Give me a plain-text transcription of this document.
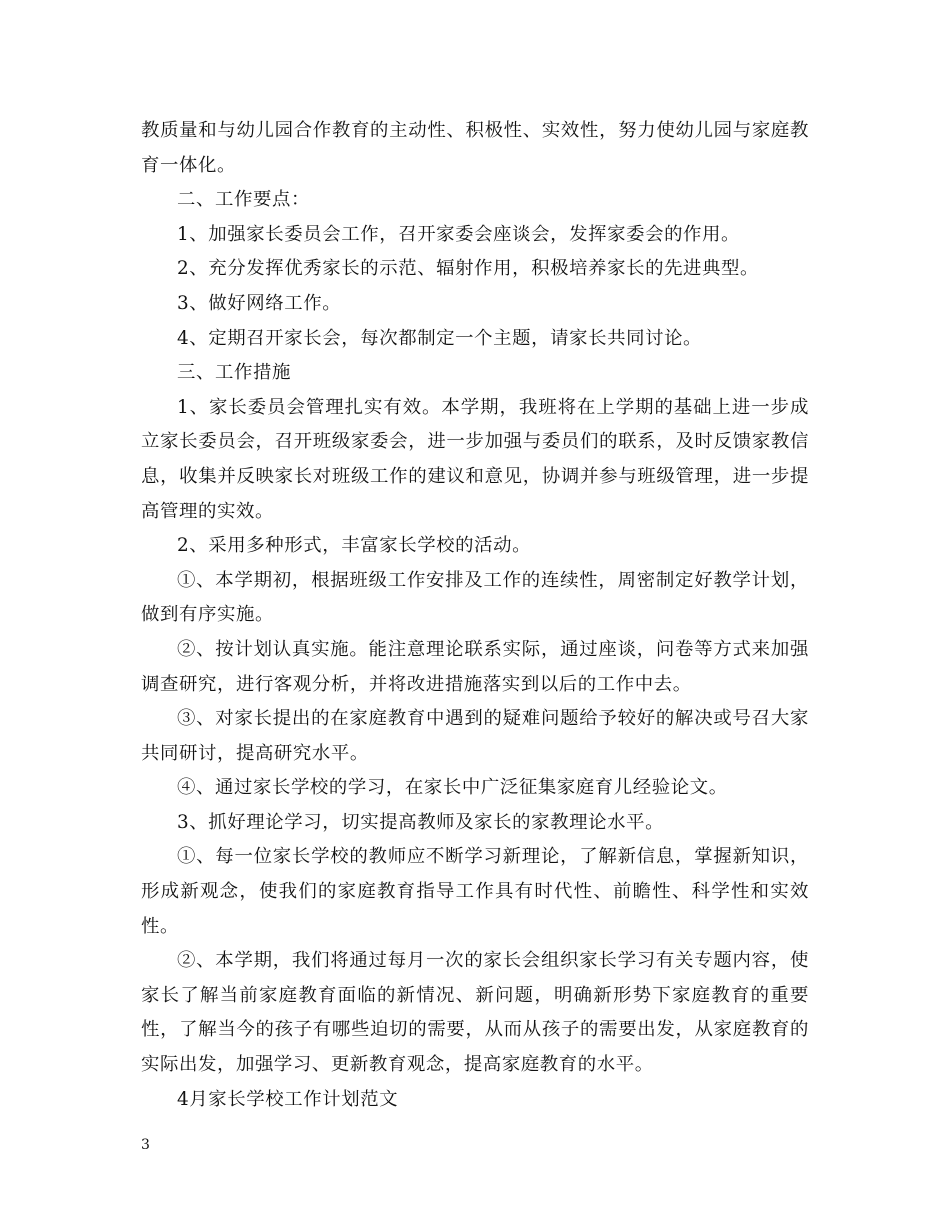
教质量和与幼儿园合作教育的主动性、积极性、实效性，努力使幼儿园与家庭教育一体化。

二、工作要点：

1、加强家长委员会工作，召开家委会座谈会，发挥家委会的作用。

2、充分发挥优秀家长的示范、辐射作用，积极培养家长的先进典型。

3、做好网络工作。

4、定期召开家长会，每次都制定一个主题，请家长共同讨论。

三、工作措施

1、家长委员会管理扎实有效。本学期，我班将在上学期的基础上进一步成立家长委员会，召开班级家委会，进一步加强与委员们的联系，及时反馈家教信息，收集并反映家长对班级工作的建议和意见，协调并参与班级管理，进一步提高管理的实效。

2、采用多种形式，丰富家长学校的活动。

①、本学期初，根据班级工作安排及工作的连续性，周密制定好教学计划，做到有序实施。

②、按计划认真实施。能注意理论联系实际，通过座谈，问卷等方式来加强调查研究，进行客观分析，并将改进措施落实到以后的工作中去。

③、对家长提出的在家庭教育中遇到的疑难问题给予较好的解决或号召大家共同研讨，提高研究水平。

④、通过家长学校的学习，在家长中广泛征集家庭育儿经验论文。

3、抓好理论学习，切实提高教师及家长的家教理论水平。

①、每一位家长学校的教师应不断学习新理论，了解新信息，掌握新知识，形成新观念，使我们的家庭教育指导工作具有时代性、前瞻性、科学性和实效性。

②、本学期，我们将通过每月一次的家长会组织家长学习有关专题内容，使家长了解当前家庭教育面临的新情况、新问题，明确新形势下家庭教育的重要性，了解当今的孩子有哪些迫切的需要，从而从孩子的需要出发，从家庭教育的实际出发，加强学习、更新教育观念，提高家庭教育的水平。

4月家长学校工作计划范文

3
